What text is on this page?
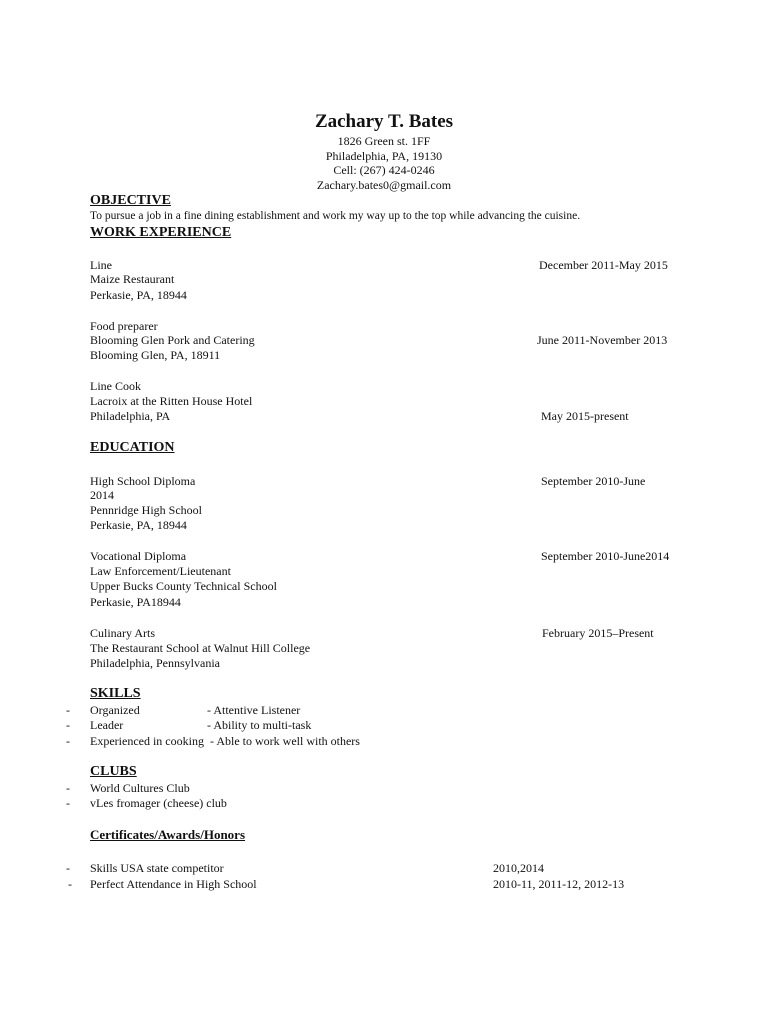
Zachary T. Bates
1826 Green st. 1FF
Philadelphia, PA, 19130
Cell: (267) 424-0246
Zachary.bates0@gmail.com
OBJECTIVE
To pursue a job in a fine dining establishment and work my way up to the top while advancing the cuisine.
WORK EXPERIENCE
Line	December 2011-May 2015
Maize Restaurant
Perkasie, PA, 18944
Food preparer
Blooming Glen Pork and Catering	June 2011-November 2013
Blooming Glen, PA, 18911
Line Cook
Lacroix at the Ritten House Hotel
Philadelphia, PA	May 2015-present
EDUCATION
High School Diploma	September 2010-June
2014
Pennridge High School
Perkasie, PA, 18944
Vocational Diploma	September 2010-June2014
Law Enforcement/Lieutenant
Upper Bucks County Technical School
Perkasie, PA18944
Culinary Arts	February 2015–Present
The Restaurant School at Walnut Hill College
Philadelphia, Pennsylvania
SKILLS
- Organized	- Attentive Listener
- Leader	- Ability to multi-task
- Experienced in cooking - Able to work well with others
CLUBS
- World Cultures Club
- vLes fromager (cheese) club
Certificates/Awards/Honors
- Skills USA state competitor	2010,2014
- Perfect Attendance in High School	2010-11, 2011-12, 2012-13
